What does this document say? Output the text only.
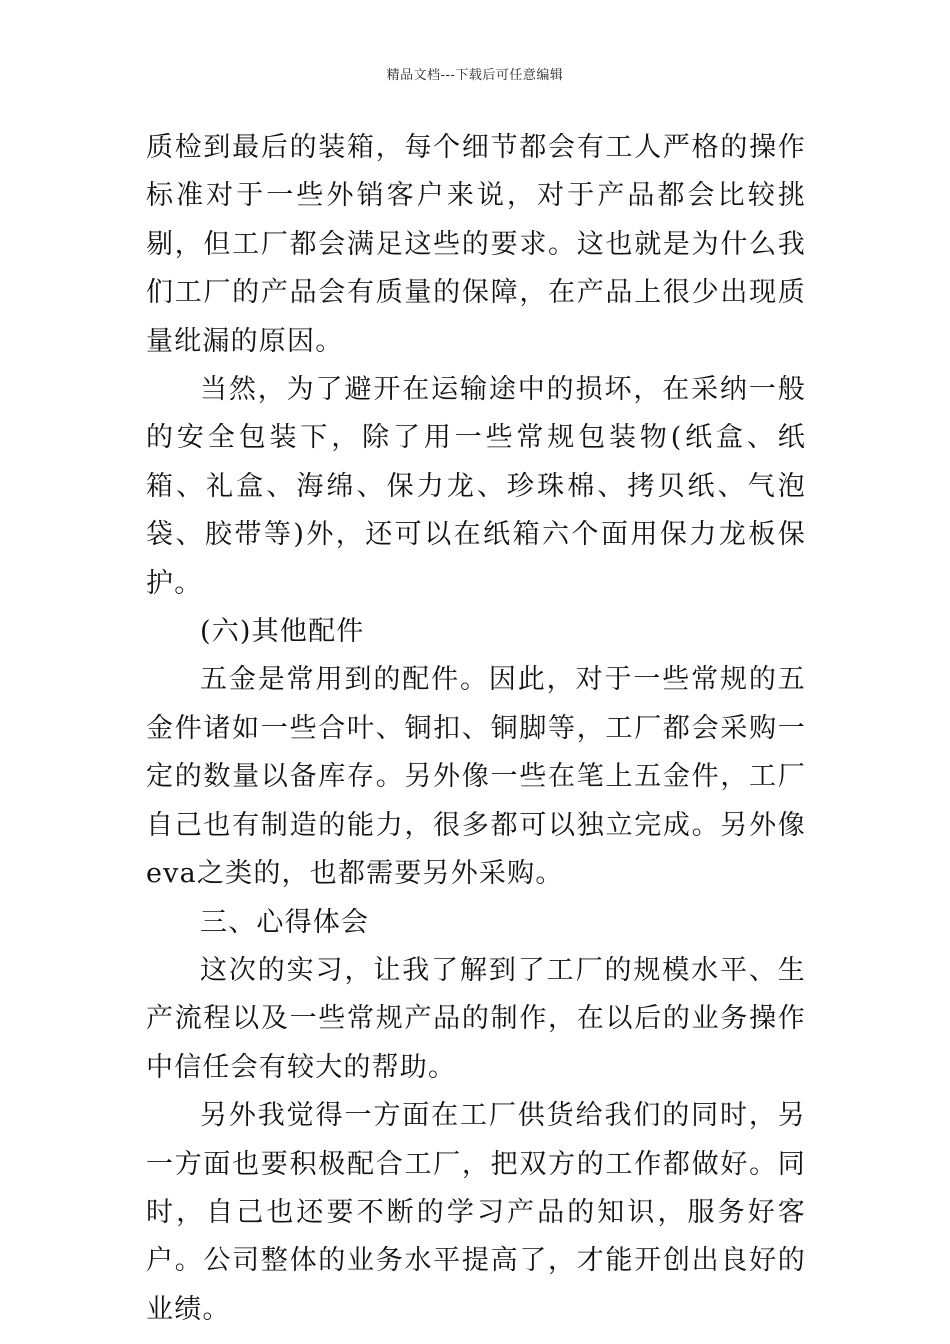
精品文档---下载后可任意编辑

质检到最后的装箱，每个细节都会有工人严格的操作标准对于一些外销客户来说，对于产品都会比较挑剔，但工厂都会满足这些的要求。这也就是为什么我们工厂的产品会有质量的保障，在产品上很少出现质量纰漏的原因。

当然，为了避开在运输途中的损坏，在采纳一般的安全包装下，除了用一些常规包装物(纸盒、纸箱、礼盒、海绵、保力龙、珍珠棉、拷贝纸、气泡袋、胶带等)外，还可以在纸箱六个面用保力龙板保护。

(六)其他配件

五金是常用到的配件。因此，对于一些常规的五金件诸如一些合叶、铜扣、铜脚等，工厂都会采购一定的数量以备库存。另外像一些在笔上五金件，工厂自己也有制造的能力，很多都可以独立完成。另外像eva之类的，也都需要另外采购。

三、心得体会

这次的实习，让我了解到了工厂的规模水平、生产流程以及一些常规产品的制作，在以后的业务操作中信任会有较大的帮助。

另外我觉得一方面在工厂供货给我们的同时，另一方面也要积极配合工厂，把双方的工作都做好。同时，自己也还要不断的学习产品的知识，服务好客户。公司整体的业务水平提高了，才能开创出良好的业绩。
